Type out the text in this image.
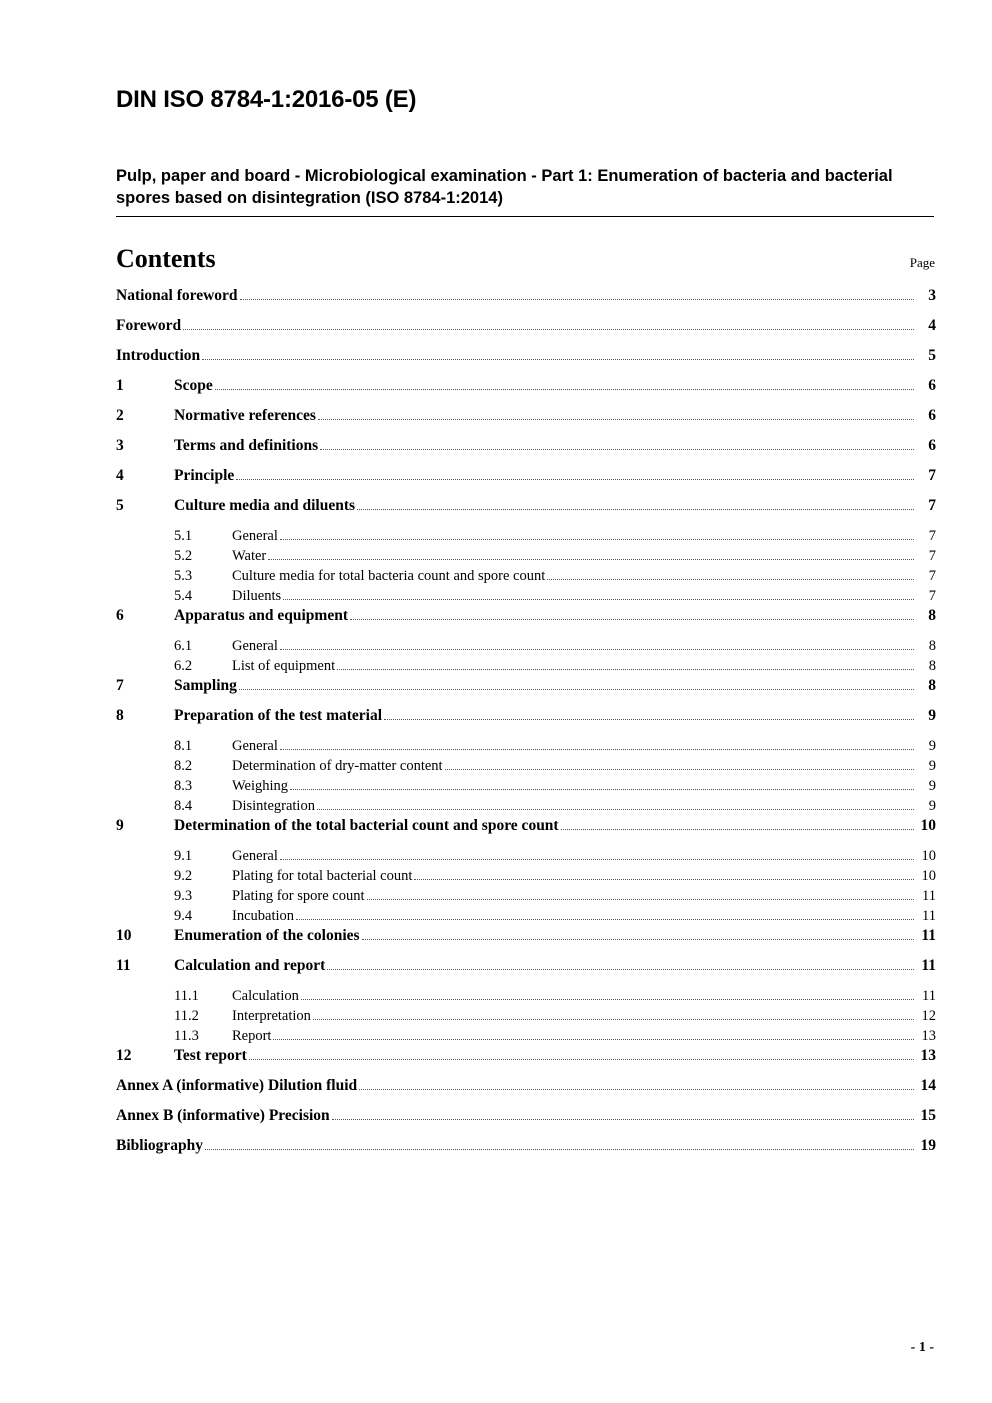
DIN ISO 8784-1:2016-05 (E)
Pulp, paper and board - Microbiological examination - Part 1: Enumeration of bacteria and bacterial spores based on disintegration (ISO 8784-1:2014)
Contents	Page
National foreword	3
Foreword	4
Introduction	5
1	Scope	6
2	Normative references	6
3	Terms and definitions	6
4	Principle	7
5	Culture media and diluents	7
5.1	General	7
5.2	Water	7
5.3	Culture media for total bacteria count and spore count	7
5.4	Diluents	7
6	Apparatus and equipment	8
6.1	General	8
6.2	List of equipment	8
7	Sampling	8
8	Preparation of the test material	9
8.1	General	9
8.2	Determination of dry-matter content	9
8.3	Weighing	9
8.4	Disintegration	9
9	Determination of the total bacterial count and spore count	10
9.1	General	10
9.2	Plating for total bacterial count	10
9.3	Plating for spore count	11
9.4	Incubation	11
10	Enumeration of the colonies	11
11	Calculation and report	11
11.1	Calculation	11
11.2	Interpretation	12
11.3	Report	13
12	Test report	13
Annex A (informative) Dilution fluid	14
Annex B (informative) Precision	15
Bibliography	19
- 1 -
